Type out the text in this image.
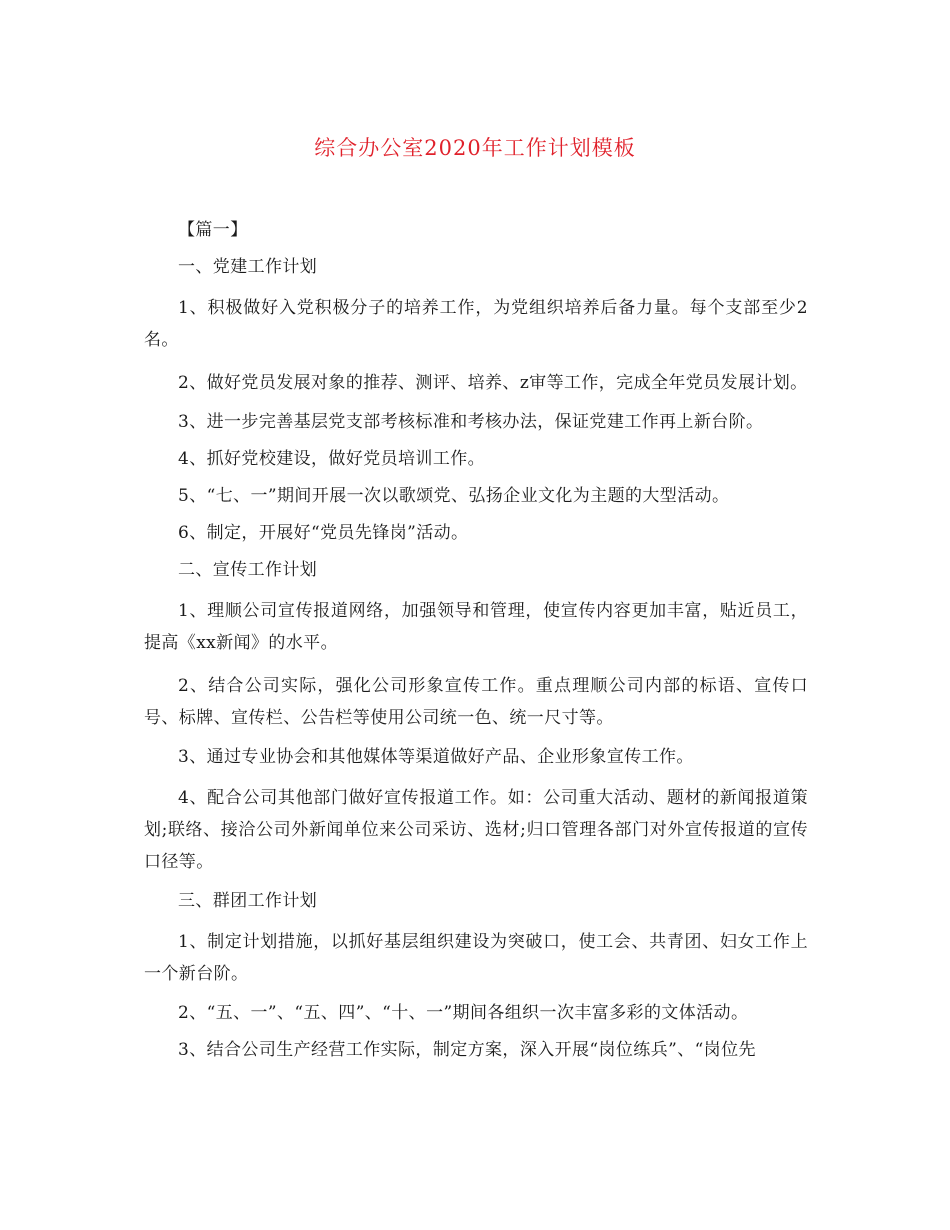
综合办公室2020年工作计划模板

【篇一】

一、党建工作计划

1、积极做好入党积极分子的培养工作，为党组织培养后备力量。每个支部至少2名。

2、做好党员发展对象的推荐、测评、培养、z审等工作，完成全年党员发展计划。

3、进一步完善基层党支部考核标准和考核办法，保证党建工作再上新台阶。

4、抓好党校建设，做好党员培训工作。

5、“七、一”期间开展一次以歌颂党、弘扬企业文化为主题的大型活动。

6、制定，开展好“党员先锋岗”活动。

二、宣传工作计划

1、理顺公司宣传报道网络，加强领导和管理，使宣传内容更加丰富，贴近员工，提高《xx新闻》的水平。

2、结合公司实际，强化公司形象宣传工作。重点理顺公司内部的标语、宣传口号、标牌、宣传栏、公告栏等使用公司统一色、统一尺寸等。

3、通过专业协会和其他媒体等渠道做好产品、企业形象宣传工作。

4、配合公司其他部门做好宣传报道工作。如：公司重大活动、题材的新闻报道策划;联络、接洽公司外新闻单位来公司采访、选材;归口管理各部门对外宣传报道的宣传口径等。

三、群团工作计划

1、制定计划措施，以抓好基层组织建设为突破口，使工会、共青团、妇女工作上一个新台阶。

2、“五、一”、“五、四”、“十、一”期间各组织一次丰富多彩的文体活动。

3、结合公司生产经营工作实际，制定方案，深入开展“岗位练兵”、“岗位先
